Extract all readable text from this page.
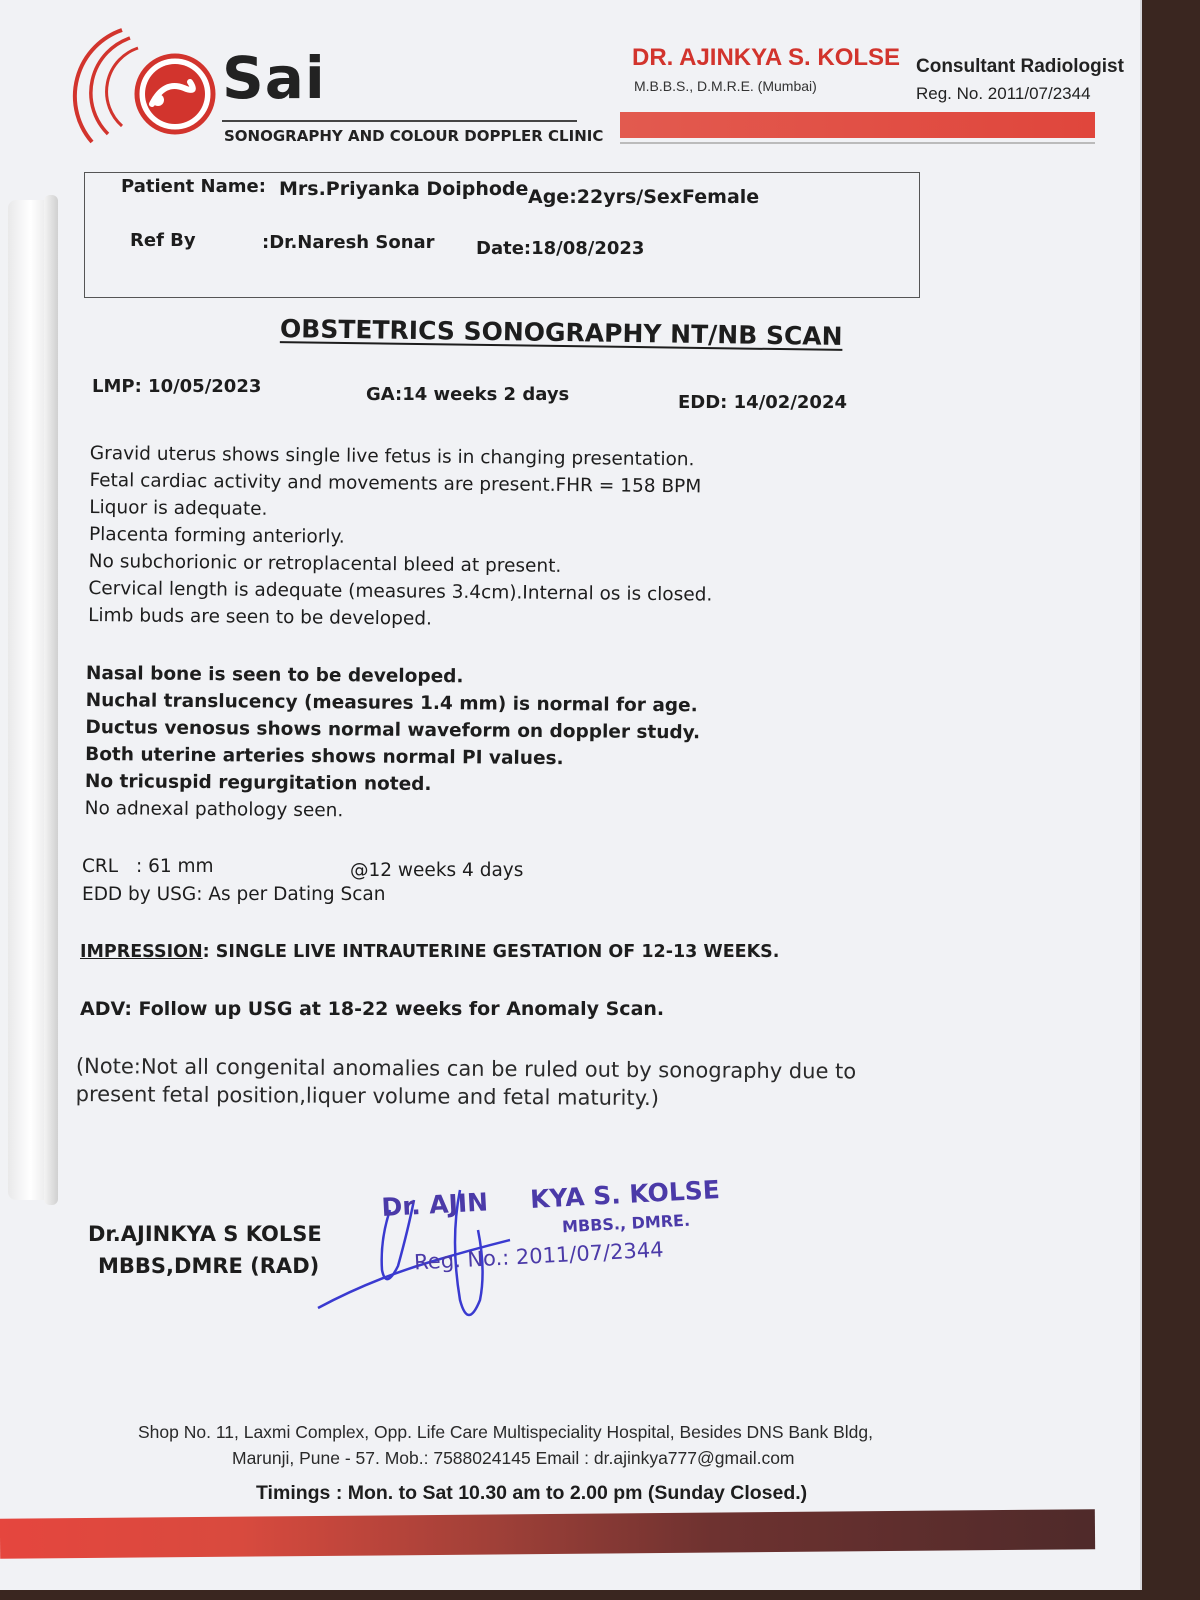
Sai
SONOGRAPHY AND COLOUR DOPPLER CLINIC
DR. AJINKYA S. KOLSE
M.B.B.S., D.M.R.E. (Mumbai)
Consultant Radiologist
Reg. No. 2011/07/2344
Patient Name: Mrs.Priyanka Doiphode Age:22yrs/SexFemale
Ref By	:Dr.Naresh Sonar Date:18/08/2023
OBSTETRICS SONOGRAPHY NT/NB SCAN
LMP: 10/05/2023	GA:14 weeks 2 days	EDD: 14/02/2024
Gravid uterus shows single live fetus is in changing presentation.
Fetal cardiac activity and movements are present.FHR = 158 BPM
Liquor is adequate.
Placenta forming anteriorly.
No subchorionic or retroplacental bleed at present.
Cervical length is adequate (measures 3.4cm).Internal os is closed.
Limb buds are seen to be developed.
Nasal bone is seen to be developed.
Nuchal translucency (measures 1.4 mm) is normal for age.
Ductus venosus shows normal waveform on doppler study.
Both uterine arteries shows normal PI values.
No tricuspid regurgitation noted.
No adnexal pathology seen.
CRL : 61 mm	@12 weeks 4 days
EDD by USG: As per Dating Scan
IMPRESSION: SINGLE LIVE INTRAUTERINE GESTATION OF 12-13 WEEKS.
ADV: Follow up USG at 18-22 weeks for Anomaly Scan.
(Note:Not all congenital anomalies can be ruled out by sonography due to
present fetal position,liquer volume and fetal maturity.)
Dr.AJINKYA S KOLSE
MBBS,DMRE (RAD)
Dr. AJIN KYA S. KOLSE
MBBS., DMRE.
Reg. No.: 2011/07/2344
Shop No. 11, Laxmi Complex, Opp. Life Care Multispeciality Hospital, Besides DNS Bank Bldg,
Marunji, Pune - 57. Mob.: 7588024145 Email : dr.ajinkya777@gmail.com
Timings : Mon. to Sat 10.30 am to 2.00 pm (Sunday Closed.)
